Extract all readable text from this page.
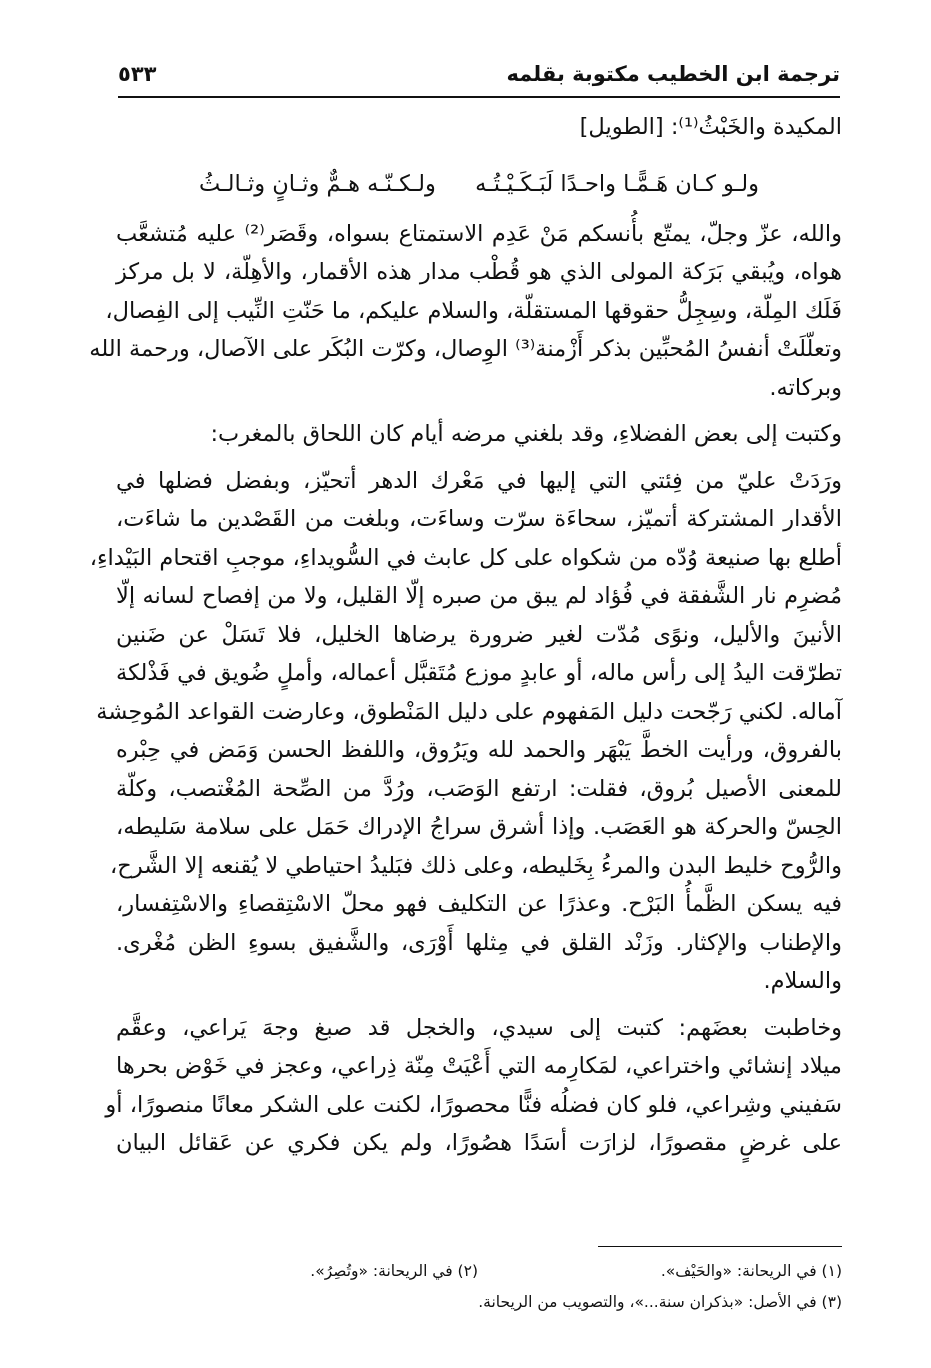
ترجمة ابن الخطيب مكتوبة بقلمه
٥٣٣
المكيدة والخَبْثُ⁽¹⁾: [الطويل]
ولـو كـان هَـمًّـا واحـدًا لَبَـكَـيْـتُـه
ولـكـنّـه هـمٌّ وثـانٍ وثـالـثُ
والله، عزّ وجلّ، يمتّع بأُنسكم مَنْ عَدِم الاستمتاع بسواه، وقَصَر⁽²⁾ عليه مُتشعَّب
هواه، ويُبقي بَرَكة المولى الذي هو قُطْب مدار هذه الأقمار، والأهِلّة، لا بل مركز
فَلَك المِلّة، وسِجِلُّ حقوقها المستقلّة، والسلام عليكم، ما حَنّتِ النِّيب إلى الفِصال،
وتعلّلَتْ أنفسُ المُحبِّين بذكر أَزْمنة⁽³⁾ الوِصال، وكرّت البُكَر على الآصال، ورحمة الله
وبركاته.
وكتبت إلى بعض الفضلاءِ، وقد بلغني مرضه أيام كان اللحاق بالمغرب:
ورَدَتْ عليّ من فِئتي التي إليها في مَعْرك الدهر أتحيّز، وبفضل فضلها في
الأقدار المشتركة أتميّز، سحاءَة سرّت وساءَت، وبلغت من القَصْدين ما شاءَت،
أطلع بها صنيعة وُدّه من شكواه على كل عابث في السُّويداءِ، موجبِ اقتحام البَيْداءِ،
مُضرِم نار الشَّفقة في فُؤاد لم يبق من صبره إلّا القليل، ولا من إفصاح لسانه إلّا
الأنينَ والأليل، ونوًى مُدّت لغير ضرورة يرضاها الخليل، فلا تَسَلْ عن ضَنين
تطرّقت اليدُ إلى رأس ماله، أو عابدٍ موزع مُتَقبَّل أعماله، وأملٍ ضُويق في فَذْلكة
آماله. لكني رَجّحت دليل المَفهوم على دليل المَنْطوق، وعارضت القواعد المُوحِشة
بالفروق، ورأيت الخطَّ يَبْهَر والحمد لله ويَرُوق، واللفظ الحسن وَمَض في حِبْره
للمعنى الأصيل بُروق، فقلت: ارتفع الوَصَب، ورُدَّ من الصِّحة المُغْتصب، وكلّة
الحِسّ والحركة هو العَصَب. وإذا أشرق سراجُ الإدراك حَمَل على سلامة سَليطه،
والرُّوح خليط البدن والمرءُ بِخَليطه، وعلى ذلك فبَليدُ احتياطي لا يُقنعه إلا الشَّرح،
فيه يسكن الظَّمأُ البَرْح. وعذرًا عن التكليف فهو محلّ الاسْتِقصاءِ والاسْتِفسار،
والإطناب والإكثار. وزَنْد القلق في مِثلها أَوْرَى، والشَّفيق بسوءِ الظن مُغْرى.
والسلام.
وخاطبت بعضَهم: كتبت إلى سيدي، والخجل قد صبغ وجهَ يَراعي، وعقَّم
ميلاد إنشائي واختراعي، لمَكارِمه التي أَعْيَتْ مِنّة ذِراعي، وعجز في خَوْض بحرها
سَفيني وشِراعي، فلو كان فضلُه فنًّا محصورًا، لكنت على الشكر معانًا منصورًا، أو
على غرضٍ مقصورًا، لزارَت أسَدًا هصُورًا، ولم يكن فكري عن عَقائل البيان
(١) في الريحانة: «والحَيْف».
(٢) في الريحانة: «وتُصِرُ».
(٣) في الأصل: «بذكران سنة...»، والتصويب من الريحانة.
